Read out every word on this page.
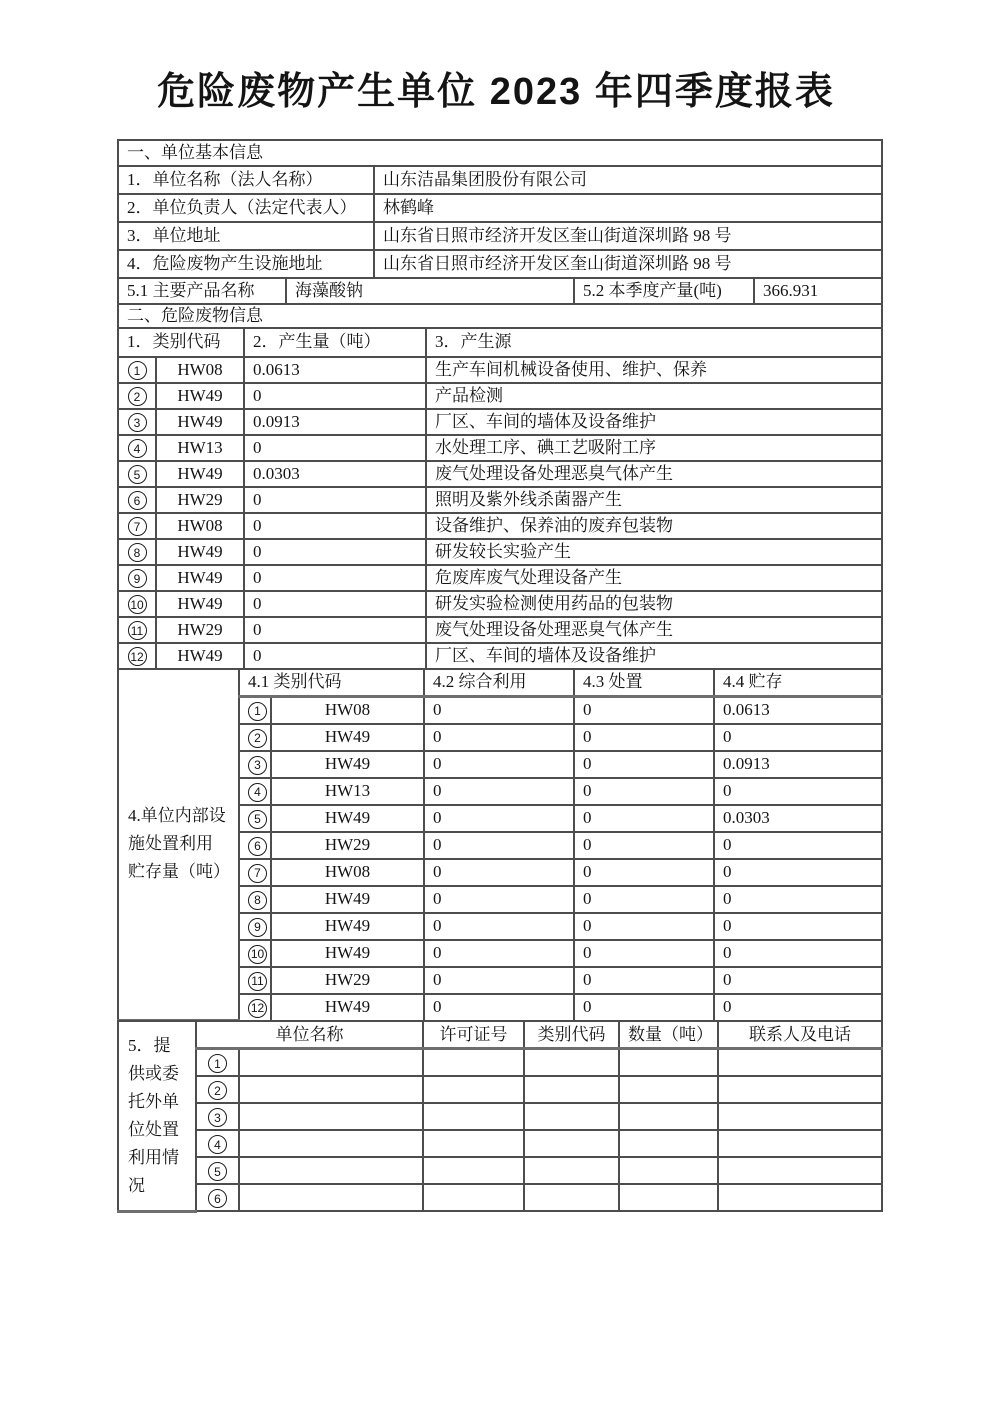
危险废物产生单位 2023 年四季度报表
一、单位基本信息				
1．单位名称（法人名称）		山东洁晶集团股份有限公司		
2．单位负责人（法定代表人）		林鹤峰		
3．单位地址		山东省日照市经济开发区奎山街道深圳路 98 号		
4．危险废物产生设施地址		山东省日照市经济开发区奎山街道深圳路 98 号		
5.1 主要产品名称	海藻酸钠		5.2 本季度产量(吨)	366.931
二、危险废物信息			
1．类别代码		2．产生量（吨）	3．产生源
1	HW08	0.0613	生产车间机械设备使用、维护、保养
2	HW49	0	产品检测
3	HW49	0.0913	厂区、车间的墙体及设备维护
4	HW13	0	水处理工序、碘工艺吸附工序
5	HW49	0.0303	废气处理设备处理恶臭气体产生
6	HW29	0	照明及紫外线杀菌器产生
7	HW08	0	设备维护、保养油的废弃包装物
8	HW49	0	研发较长实验产生
9	HW49	0	危废库废气处理设备产生
10	HW49	0	研发实验检测使用药品的包装物
11	HW29	0	废气处理设备处理恶臭气体产生
12	HW49	0	厂区、车间的墙体及设备维护
4.单位内部设施处置利用贮存量（吨）	4.1 类别代码		4.2 综合利用	4.3 处置	4.4 贮存
	1	HW08	0	0	0.0613
	2	HW49	0	0	0
	3	HW49	0	0	0.0913
	4	HW13	0	0	0
	5	HW49	0	0	0.0303
	6	HW29	0	0	0
	7	HW08	0	0	0
	8	HW49	0	0	0
	9	HW49	0	0	0
	10	HW49	0	0	0
	11	HW29	0	0	0
	12	HW49	0	0	0
5．提供或委托外单位处置利用情况	单位名称		许可证号	类别代码	数量（吨）	联系人及电话
	1					
	2					
	3					
	4					
	5					
	6					
